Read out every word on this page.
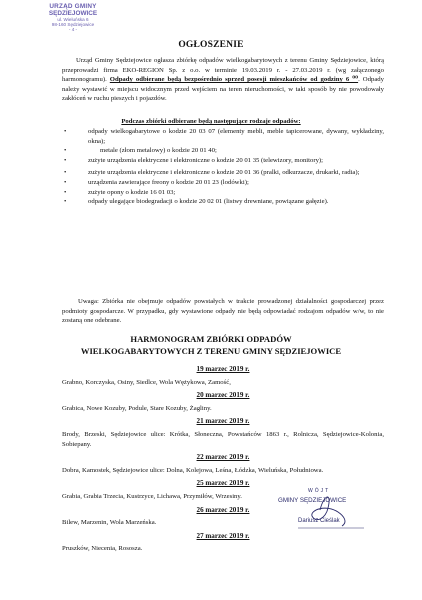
URZĄD GMINY
SĘDZIEJOWICE
ul. Wieluńska 6
98-160 Sędziejowice
- 4 -
OGŁOSZENIE
Urząd Gminy Sędziejowice ogłasza zbiórkę odpadów wielkogabarytowych z terenu Gminy Sędziejowice, którą przeprowadzi firma EKO-REGION Sp. z o.o. w terminie 19.03.2019 r. - 27.03.2019 r. (wg załączonego harmonogramu). Odpady odbierane będą bezpośrednio sprzed posesji mieszkańców od godziny 6 ⁰⁰. Odpady należy wystawić w miejscu widocznym przed wejściem na teren nieruchomości, w taki sposób by nie powodowały zakłóceń w ruchu pieszych i pojazdów.
Podczas zbiórki odbierane będą następujące rodzaje odpadów:
•	odpady wielkogabarytowe o kodzie 20 03 07 (elementy mebli, meble tapicerowane, dywany, wykładziny, okna);
•	metale (złom metalowy) o kodzie 20 01 40;
•	zużyte urządzenia elektryczne i elektroniczne o kodzie 20 01 35 (telewizory, monitory);
•	zużyte urządzenia elektryczne i elektroniczne o kodzie 20 01 36 (pralki, odkurzacze, drukarki, radia);
•	urządzenia zawierające freony o kodzie 20 01 23 (lodówki);
•	zużyte opony o kodzie 16 01 03;
•	odpady ulegające biodegradacji o kodzie 20 02 01 (listwy drewniane, powiązane gałęzie).
Uwaga: Zbiórka nie obejmuje odpadów powstałych w trakcie prowadzonej działalności gospodarczej przez podmioty gospodarcze. W przypadku, gdy wystawione odpady nie będą odpowiadać rodzajom odpadów w/w, to nie zostaną one odebrane.
HARMONOGRAM ZBIÓRKI ODPADÓW
WIELKOGABARYTOWYCH Z TERENU GMINY SĘDZIEJOWICE
19 marzec 2019 r.
Grabno, Korczyska, Osiny, Siedlce, Wola Wężykowa, Zamość,
20 marzec 2019 r.
Grabica, Nowe Kozuby, Podule, Stare Kozuby, Żagliny.
21 marzec 2019 r.
Brody, Brzeski, Sędziejowice ulice: Krótka, Słoneczna, Powstańców 1863 r., Rolnicza, Sędziejowice-Kolonia, Sobiepany.
22 marzec 2019 r.
Dobra, Kamostek, Sędziejowice ulice: Dolna, Kolejowa, Leśna, Łódzka, Wieluńska, Południowa.
25 marzec 2019 r.
Grabia, Grabia Trzecia, Kustrzyce, Lichawa, Przymiłów, Wrzesiny.
26 marzec 2019 r.
Bilew, Marzenin, Wola Marzeńska.
27 marzec 2019 r.
Pruszków, Niecenia, Rososza.
WÓJT
GMINY SĘDZIEJOWICE
Dariusz Cieślak
